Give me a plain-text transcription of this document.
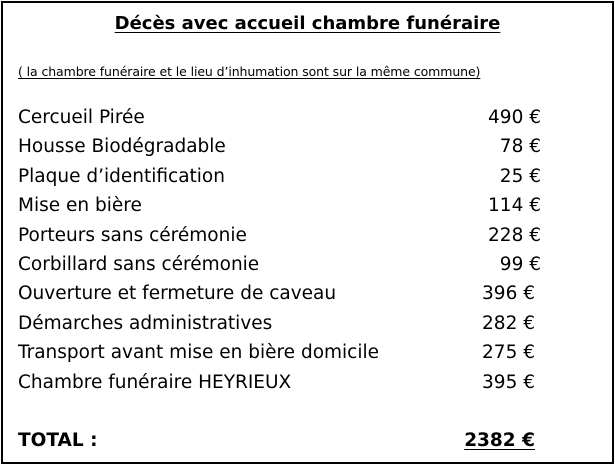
Décès avec accueil chambre funéraire
( la chambre funéraire et le lieu d’inhumation sont sur la même commune)
Cercueil Pirée	490 €
Housse Biodégradable	78 €
Plaque d’identification	25 €
Mise en bière	114 €
Porteurs sans cérémonie	228 €
Corbillard sans cérémonie	99 €
Ouverture et fermeture de caveau	396 €
Démarches administratives	282 €
Transport avant mise en bière domicile	275 €
Chambre funéraire HEYRIEUX	395 €
TOTAL :	2382 €
